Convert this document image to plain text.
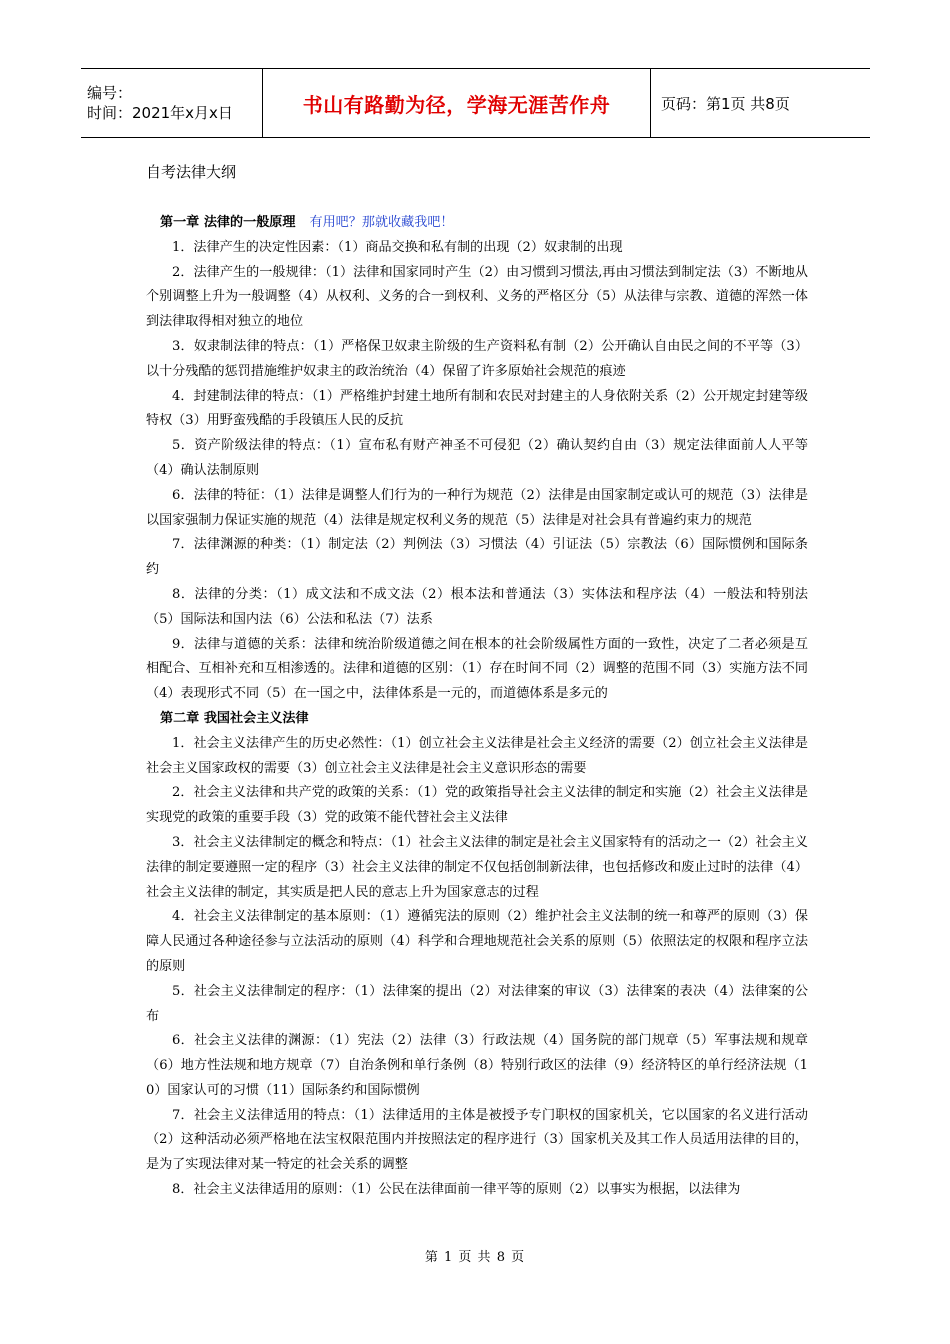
编号：
时间：2021年x月x日	书山有路勤为径，学海无涯苦作舟	页码：第1页 共8页
自考法律大纲
第一章 法律的一般原理 有用吧？那就收藏我吧！
1．法律产生的决定性因素：（1）商品交换和私有制的出现（2）奴隶制的出现
2．法律产生的一般规律：（1）法律和国家同时产生（2）由习惯到习惯法,再由习惯法到制定法（3）不断地从个别调整上升为一般调整（4）从权利、义务的合一到权利、义务的严格区分（5）从法律与宗教、道德的浑然一体到法律取得相对独立的地位
3．奴隶制法律的特点：（1）严格保卫奴隶主阶级的生产资料私有制（2）公开确认自由民之间的不平等（3）以十分残酷的惩罚措施维护奴隶主的政治统治（4）保留了许多原始社会规范的痕迹
4．封建制法律的特点：（1）严格维护封建土地所有制和农民对封建主的人身依附关系（2）公开规定封建等级特权（3）用野蛮残酷的手段镇压人民的反抗
5．资产阶级法律的特点：（1）宣布私有财产神圣不可侵犯（2）确认契约自由（3）规定法律面前人人平等（4）确认法制原则
6．法律的特征：（1）法律是调整人们行为的一种行为规范（2）法律是由国家制定或认可的规范（3）法律是以国家强制力保证实施的规范（4）法律是规定权利义务的规范（5）法律是对社会具有普遍约束力的规范
7．法律渊源的种类：（1）制定法（2）判例法（3）习惯法（4）引证法（5）宗教法（6）国际惯例和国际条约
8．法律的分类：（1）成文法和不成文法（2）根本法和普通法（3）实体法和程序法（4）一般法和特别法（5）国际法和国内法（6）公法和私法（7）法系
9．法律与道德的关系：法律和统治阶级道德之间在根本的社会阶级属性方面的一致性，决定了二者必须是互相配合、互相补充和互相渗透的。法律和道德的区别：（1）存在时间不同（2）调整的范围不同（3）实施方法不同（4）表现形式不同（5）在一国之中，法律体系是一元的，而道德体系是多元的
第二章 我国社会主义法律
1．社会主义法律产生的历史必然性：（1）创立社会主义法律是社会主义经济的需要（2）创立社会主义法律是社会主义国家政权的需要（3）创立社会主义法律是社会主义意识形态的需要
2．社会主义法律和共产党的政策的关系：（1）党的政策指导社会主义法律的制定和实施（2）社会主义法律是实现党的政策的重要手段（3）党的政策不能代替社会主义法律
3．社会主义法律制定的概念和特点：（1）社会主义法律的制定是社会主义国家特有的活动之一（2）社会主义法律的制定要遵照一定的程序（3）社会主义法律的制定不仅包括创制新法律，也包括修改和废止过时的法律（4）社会主义法律的制定，其实质是把人民的意志上升为国家意志的过程
4．社会主义法律制定的基本原则：（1）遵循宪法的原则（2）维护社会主义法制的统一和尊严的原则（3）保障人民通过各种途径参与立法活动的原则（4）科学和合理地规范社会关系的原则（5）依照法定的权限和程序立法的原则
5．社会主义法律制定的程序：（1）法律案的提出（2）对法律案的审议（3）法律案的表决（4）法律案的公布
6．社会主义法律的渊源：（1）宪法（2）法律（3）行政法规（4）国务院的部门规章（5）军事法规和规章（6）地方性法规和地方规章（7）自治条例和单行条例（8）特别行政区的法律（9）经济特区的单行经济法规（10）国家认可的习惯（11）国际条约和国际惯例
7．社会主义法律适用的特点：（1）法律适用的主体是被授予专门职权的国家机关，它以国家的名义进行活动（2）这种活动必须严格地在法宝权限范围内并按照法定的程序进行（3）国家机关及其工作人员适用法律的目的，是为了实现法律对某一特定的社会关系的调整
8．社会主义法律适用的原则：（1）公民在法律面前一律平等的原则（2）以事实为根据，以法律为
第 1 页 共 8 页
